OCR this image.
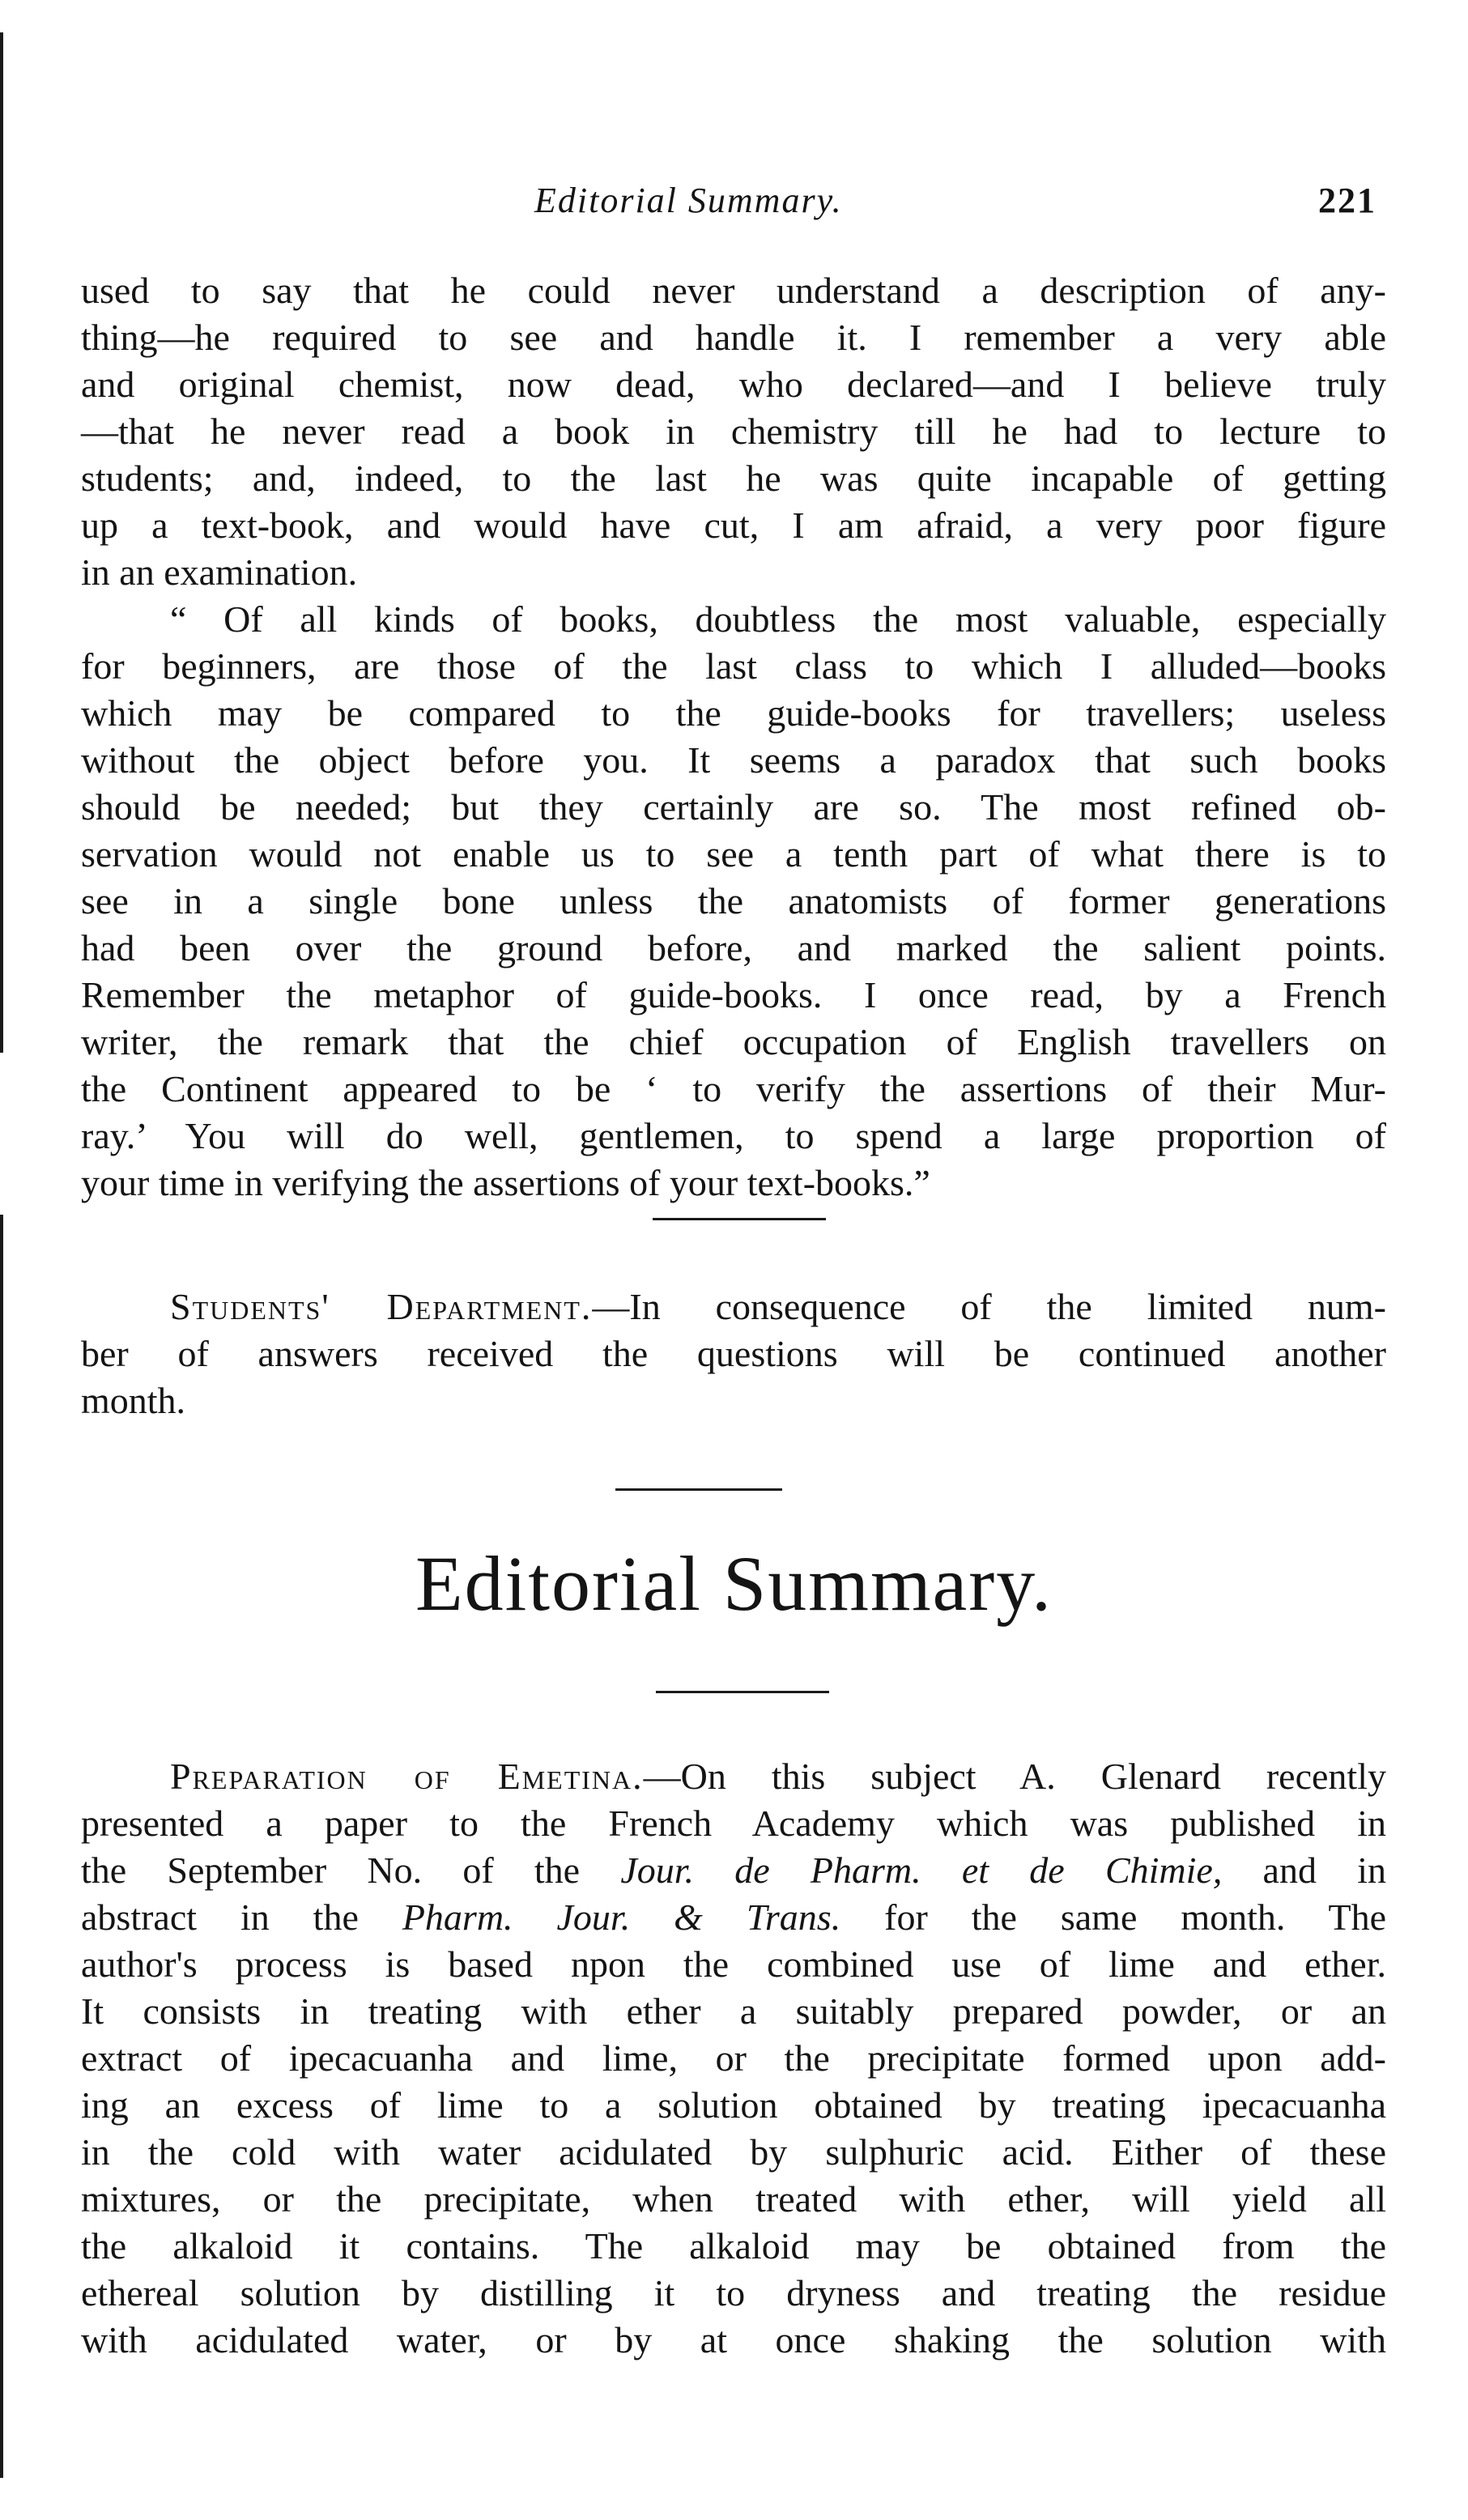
Editorial Summary.	221
used to say that he could never understand a description of any-
thing—he required to see and handle it. I remember a very able
and original chemist, now dead, who declared—and I believe truly
—that he never read a book in chemistry till he had to lecture to
students; and, indeed, to the last he was quite incapable of getting
up a text-book, and would have cut, I am afraid, a very poor figure
in an examination.
“ Of all kinds of books, doubtless the most valuable, especially
for beginners, are those of the last class to which I alluded—books
which may be compared to the guide-books for travellers; useless
without the object before you. It seems a paradox that such books
should be needed; but they certainly are so. The most refined ob-
servation would not enable us to see a tenth part of what there is to
see in a single bone unless the anatomists of former generations
had been over the ground before, and marked the salient points.
Remember the metaphor of guide-books. I once read, by a French
writer, the remark that the chief occupation of English travellers on
the Continent appeared to be ‘ to verify the assertions of their Mur-
ray.’ You will do well, gentlemen, to spend a large proportion of
your time in verifying the assertions of your text-books.”
Students' Department.—In consequence of the limited num-
ber of answers received the questions will be continued another
month.
Editorial Summary.
Preparation of Emetina.—On this subject A. Glenard recently
presented a paper to the French Academy which was published in
the September No. of the Jour. de Pharm. et de Chimie, and in
abstract in the Pharm. Jour. & Trans. for the same month. The
author's process is based npon the combined use of lime and ether.
It consists in treating with ether a suitably prepared powder, or an
extract of ipecacuanha and lime, or the precipitate formed upon add-
ing an excess of lime to a solution obtained by treating ipecacuanha
in the cold with water acidulated by sulphuric acid. Either of these
mixtures, or the precipitate, when treated with ether, will yield all
the alkaloid it contains. The alkaloid may be obtained from the
ethereal solution by distilling it to dryness and treating the residue
with acidulated water, or by at once shaking the solution with
